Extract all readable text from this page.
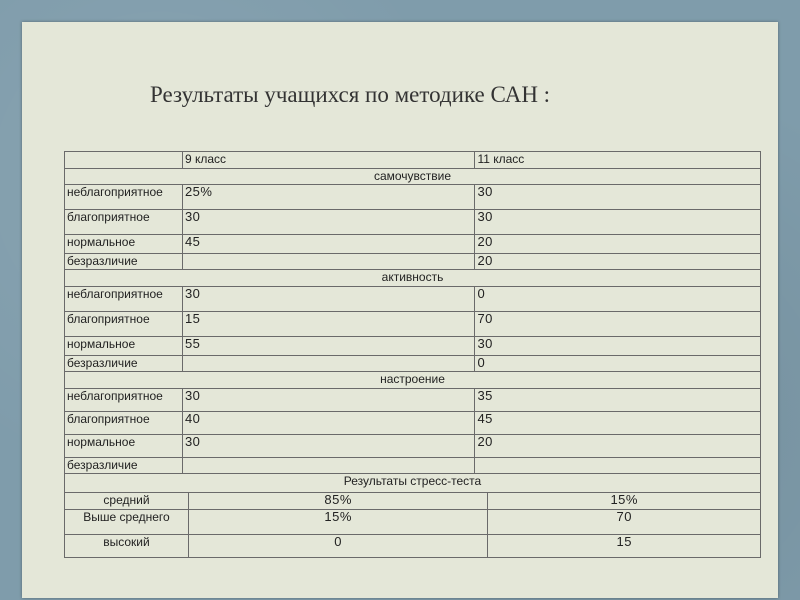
Результаты учащихся по методике САН :
	9 класс		11 класс	
самочувствие				
неблагоприятное	25%		30	
благоприятное	30		30	
нормальное	45		20	
безразличие			20	
активность				
неблагоприятное	30		0	
благоприятное	15		70	
нормальное	55		30	
безразличие			0	
настроение				
неблагоприятное	30		35	
благоприятное	40		45	
нормальное	30		20	
безразличие				
Результаты стресс-теста				
средний		85%		15%
Выше среднего		15%		70
высокий		0		15
